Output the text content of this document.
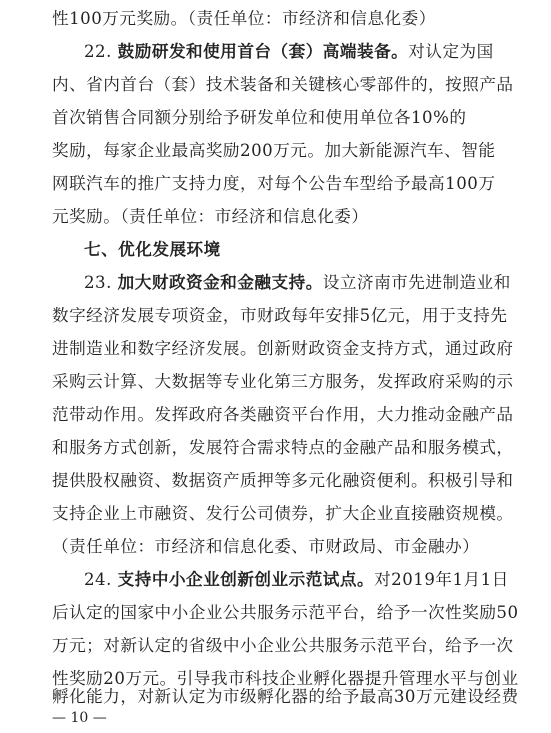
性100万元奖励。（责任单位：市经济和信息化委）
22. 鼓励研发和使用首台（套）高端装备。对认定为国
内、省内首台（套）技术装备和关键核心零部件的，按照产品
首次销售合同额分别给予研发单位和使用单位各10%的
奖励，每家企业最高奖励200万元。加大新能源汽车、智能
网联汽车的推广支持力度，对每个公告车型给予最高100万
元奖励。（责任单位：市经济和信息化委）
七、优化发展环境
23. 加大财政资金和金融支持。设立济南市先进制造业和
数字经济发展专项资金，市财政每年安排5亿元，用于支持先
进制造业和数字经济发展。创新财政资金支持方式，通过政府
采购云计算、大数据等专业化第三方服务，发挥政府采购的示
范带动作用。发挥政府各类融资平台作用，大力推动金融产品
和服务方式创新，发展符合需求特点的金融产品和服务模式，
提供股权融资、数据资产质押等多元化融资便利。积极引导和
支持企业上市融资、发行公司债券，扩大企业直接融资规模。
（责任单位：市经济和信息化委、市财政局、市金融办）
24. 支持中小企业创新创业示范试点。对2019年1月1日
后认定的国家中小企业公共服务示范平台，给予一次性奖励50
万元；对新认定的省级中小企业公共服务示范平台，给予一次
性奖励20万元。引导我市科技企业孵化器提升管理水平与创业
孵化能力，对新认定为市级孵化器的给予最高30万元建设经费
— 10 —
